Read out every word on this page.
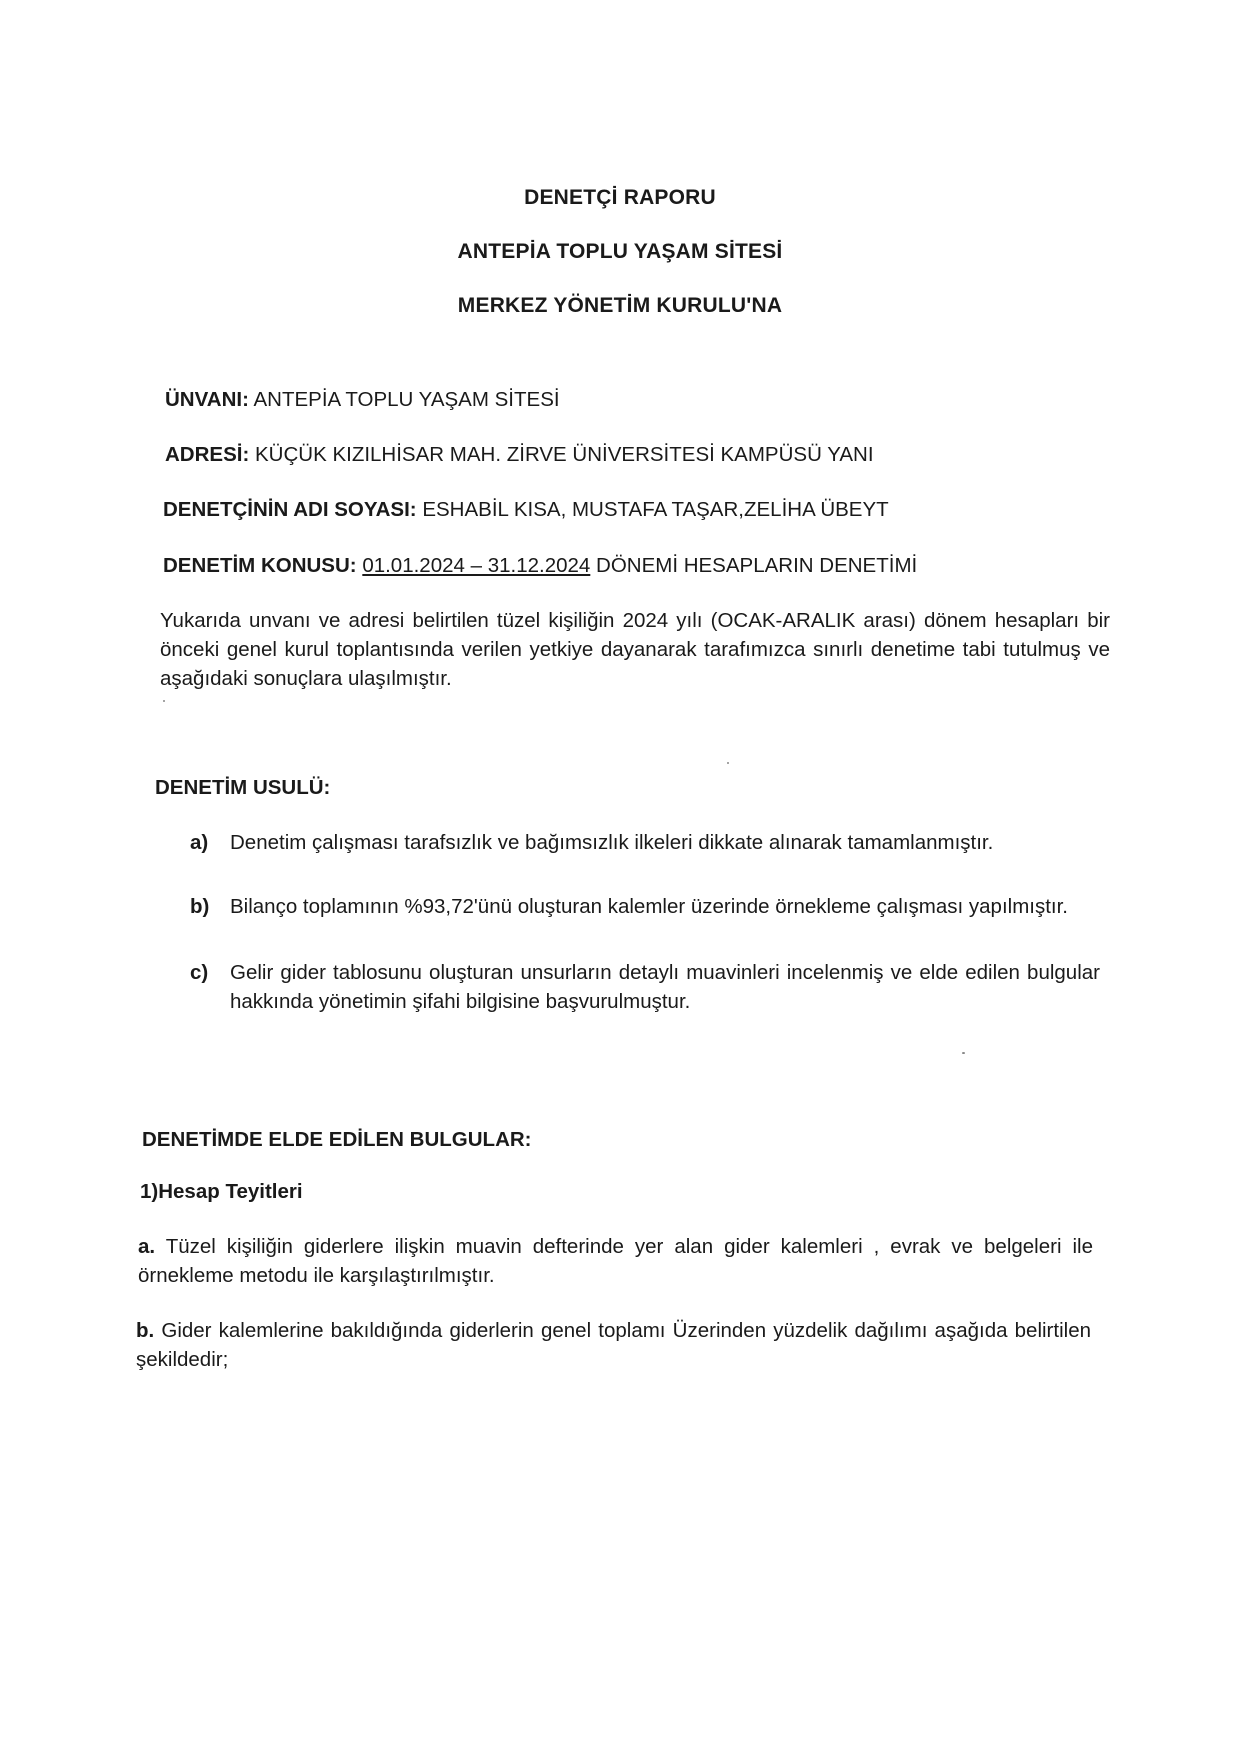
DENETÇİ RAPORU
ANTEPİA TOPLU YAŞAM SİTESİ
MERKEZ YÖNETİM KURULU'NA
ÜNVANI: ANTEPİA TOPLU YAŞAM SİTESİ
ADRESİ: KÜÇÜK KIZILHİSAR MAH. ZİRVE ÜNİVERSİTESİ KAMPÜSÜ YANI
DENETÇİNİN ADI SOYASI: ESHABİL KISA, MUSTAFA TAŞAR,ZELİHA ÜBEYT
DENETİM KONUSU: 01.01.2024 – 31.12.2024 DÖNEMİ HESAPLARIN DENETİMİ
Yukarıda unvanı ve adresi belirtilen tüzel kişiliğin 2024 yılı (OCAK-ARALIK arası) dönem hesapları bir önceki genel kurul toplantısında verilen yetkiye dayanarak tarafımızca sınırlı denetime tabi tutulmuş ve aşağıdaki sonuçlara ulaşılmıştır.
DENETİM USULÜ:
a) Denetim çalışması tarafsızlık ve bağımsızlık ilkeleri dikkate alınarak tamamlanmıştır.
b) Bilanço toplamının %93,72'ünü oluşturan kalemler üzerinde örnekleme çalışması yapılmıştır.
c) Gelir gider tablosunu oluşturan unsurların detaylı muavinleri incelenmiş ve elde edilen bulgular hakkında yönetimin şifahi bilgisine başvurulmuştur.
DENETİMDE ELDE EDİLEN BULGULAR:
1)Hesap Teyitleri
a. Tüzel kişiliğin giderlere ilişkin muavin defterinde yer alan gider kalemleri , evrak ve belgeleri ile örnekleme metodu ile karşılaştırılmıştır.
b. Gider kalemlerine bakıldığında giderlerin genel toplamı Üzerinden yüzdelik dağılımı aşağıda belirtilen şekildedir;
